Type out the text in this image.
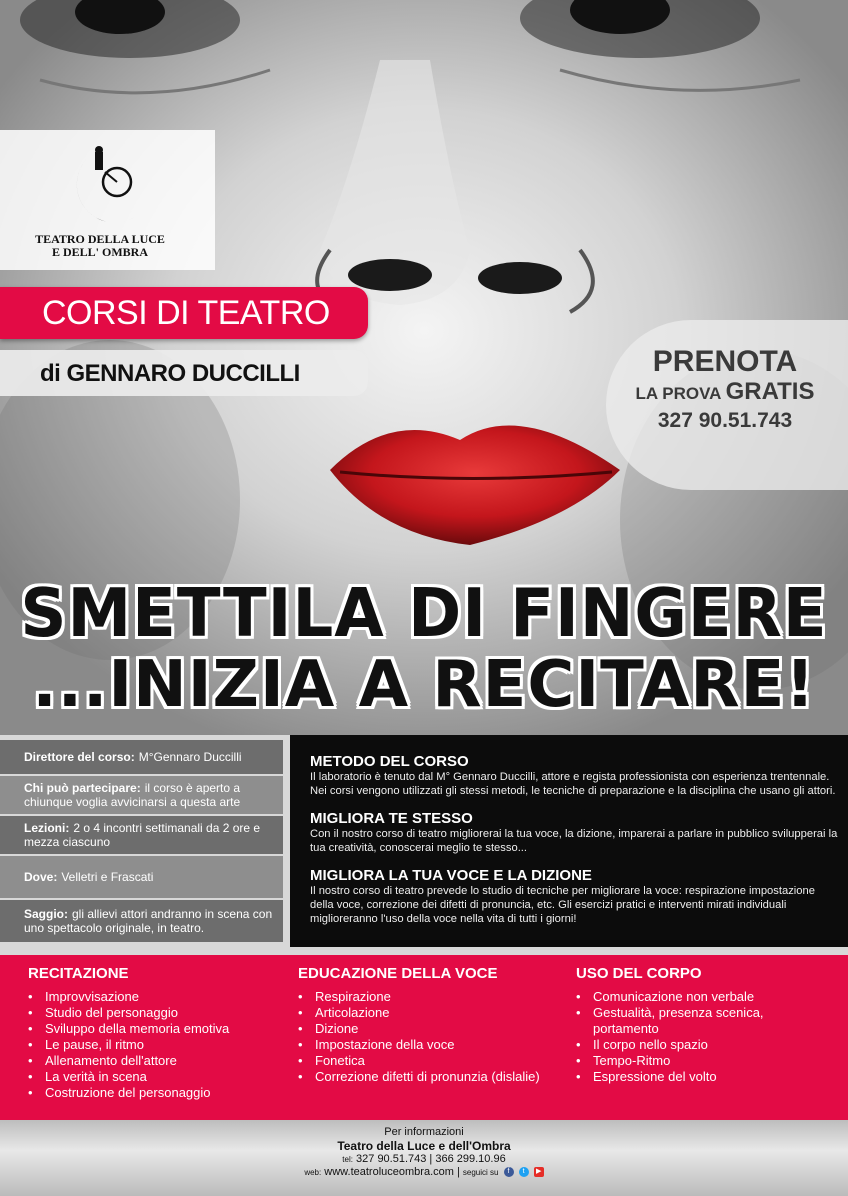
TEATRO DELLA LUCE
E DELL' OMBRA
CORSI DI TEATRO
di GENNARO DUCCILLI	PRENOTA
LA PROVA GRATIS
327 90.51.743
SMETTILA DI FINGERE
...INIZIA A RECITARE!
Direttore del corso: M°Gennaro Duccilli
Chi può partecipare: il corso è aperto a chiunque voglia avvicinarsi a questa arte
Lezioni: 2 o 4 incontri settimanali da 2 ore e mezza ciascuno
Dove: Velletri e Frascati
Saggio: gli allievi attori andranno in scena con uno spettacolo originale, in teatro.
METODO DEL CORSO

Il laboratorio è tenuto dal M° Gennaro Duccilli, attore e regista professionista con esperienza trentennale. Nei corsi vengono utilizzati gli stessi metodi, le tecniche di preparazione e la disciplina che usano gli attori.

MIGLIORA TE STESSO

Con il nostro corso di teatro migliorerai la tua voce, la dizione, imparerai a parlare in pubblico svilupperai la tua creatività, conoscerai meglio te stesso...

MIGLIORA LA TUA VOCE E LA DIZIONE

Il nostro corso di teatro prevede lo studio di tecniche per migliorare la voce: respirazione impostazione della voce, correzione dei difetti di pronuncia, etc. Gli esercizi pratici e interventi mirati individuali miglioreranno l'uso della voce nella vita di tutti i giorni!

RECITAZIONE
• Improvvisazione
• Studio del personaggio
• Sviluppo della memoria emotiva
• Le pause, il ritmo
• Allenamento dell'attore
• La verità in scena
• Costruzione del personaggio
EDUCAZIONE DELLA VOCE
• Respirazione
• Articolazione
• Dizione
• Impostazione della voce
• Fonetica
• Correzione difetti di pronunzia (dislalie)
USO DEL CORPO
• Comunicazione non verbale
• Gestualità, presenza scenica, portamento
• Il corpo nello spazio
• Tempo-Ritmo
• Espressione del volto
Per informazioni
Teatro della Luce e dell'Ombra
tel: 327 90.51.743 | 366 299.10.96
web: www.teatroluceombra.com | seguici su f t ▶
